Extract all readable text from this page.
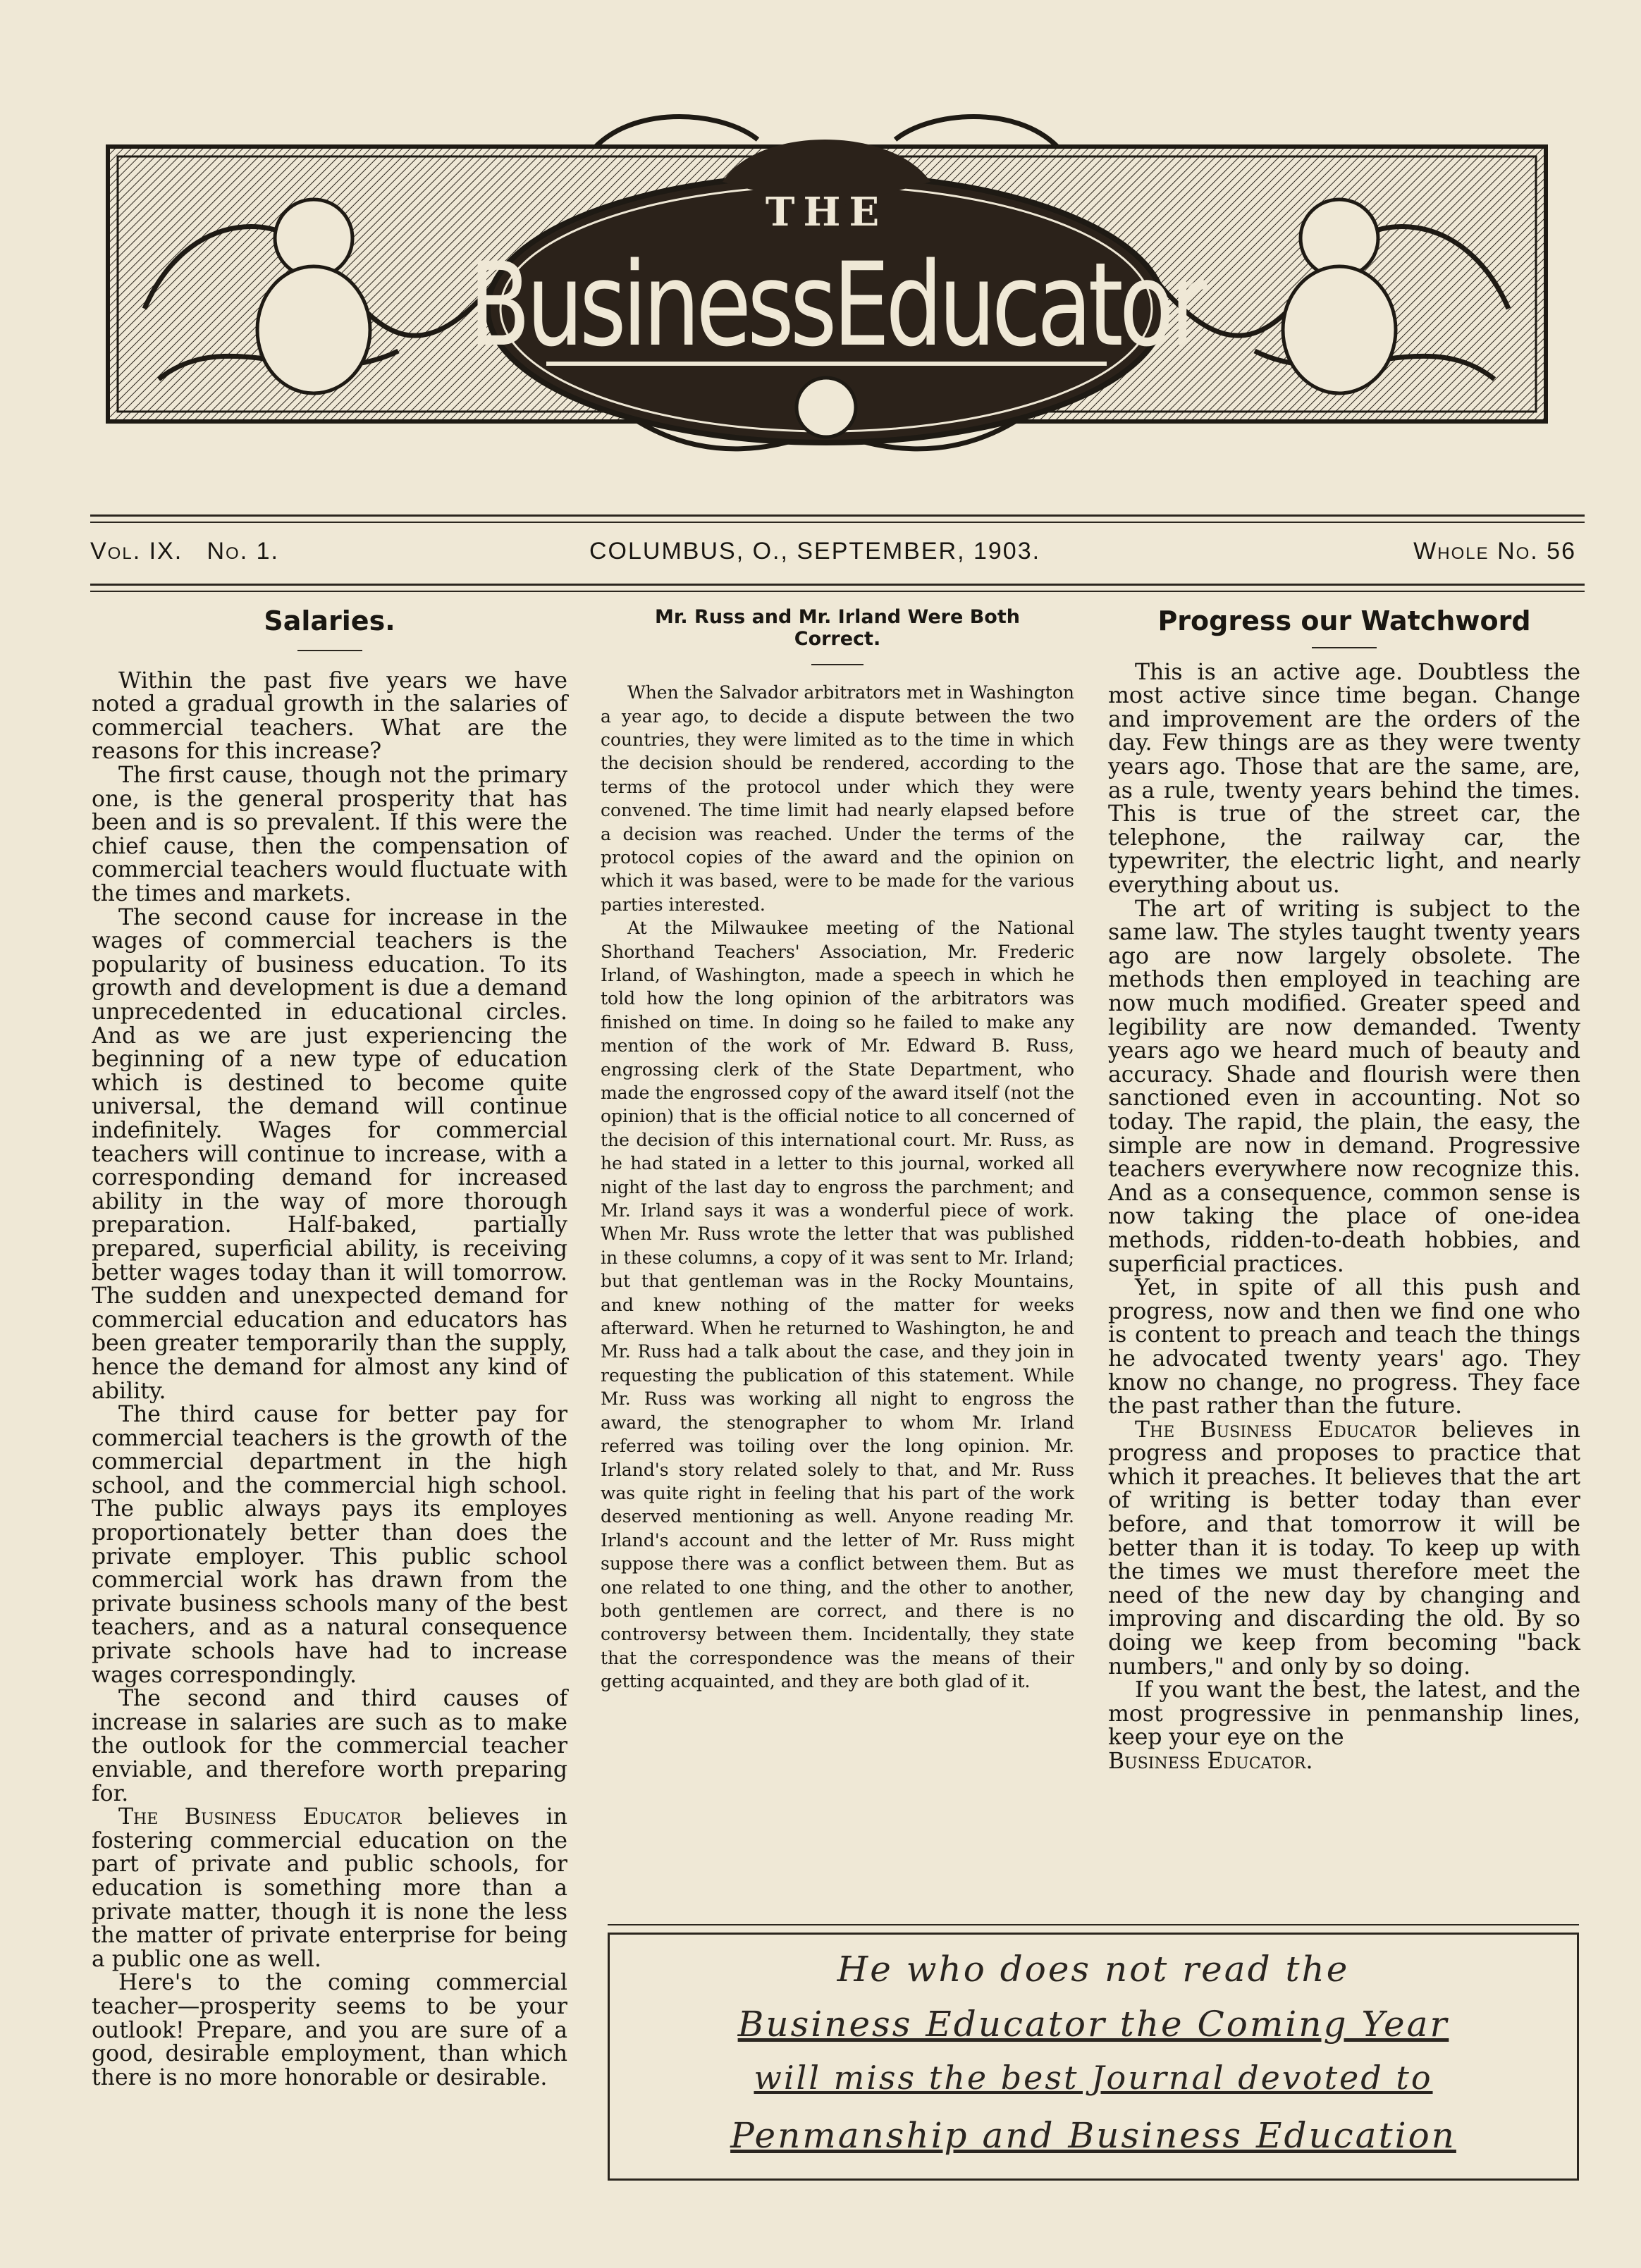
THE
BusinessEducator
Vol. IX. No. 1.	COLUMBUS, O., SEPTEMBER, 1903.	Whole No. 56
Salaries.

Within the past five years we have noted a gradual growth in the salaries of commercial teachers. What are the reasons for this increase?

The first cause, though not the primary one, is the general prosperity that has been and is so prevalent. If this were the chief cause, then the compensation of commercial teachers would fluctuate with the times and markets.

The second cause for increase in the wages of commercial teachers is the popularity of business education. To its growth and development is due a demand unprecedented in educational circles. And as we are just experiencing the beginning of a new type of education which is destined to become quite universal, the demand will continue indefinitely. Wages for commercial teachers will continue to increase, with a corresponding demand for increased ability in the way of more thorough preparation. Half-baked, partially prepared, superficial ability, is receiving better wages today than it will tomorrow. The sudden and unexpected demand for commercial education and educators has been greater temporarily than the supply, hence the demand for almost any kind of ability.

The third cause for better pay for commercial teachers is the growth of the commercial department in the high school, and the commercial high school. The public always pays its employes proportionately better than does the private employer. This public school commercial work has drawn from the private business schools many of the best teachers, and as a natural consequence private schools have had to increase wages correspondingly.

The second and third causes of increase in salaries are such as to make the outlook for the commercial teacher enviable, and therefore worth preparing for.

The Business Educator believes in fostering commercial education on the part of private and public schools, for education is something more than a private matter, though it is none the less the matter of private enterprise for being a public one as well.

Here's to the coming commercial teacher—prosperity seems to be your outlook! Prepare, and you are sure of a good, desirable employment, than which there is no more honorable or desirable.

Mr. Russ and Mr. Irland Were Both
Correct.

When the Salvador arbitrators met in Washington a year ago, to decide a dispute between the two countries, they were limited as to the time in which the decision should be rendered, according to the terms of the protocol under which they were convened. The time limit had nearly elapsed before a decision was reached. Under the terms of the protocol copies of the award and the opinion on which it was based, were to be made for the various parties interested.

At the Milwaukee meeting of the National Shorthand Teachers' Association, Mr. Frederic Irland, of Washington, made a speech in which he told how the long opinion of the arbitrators was finished on time. In doing so he failed to make any mention of the work of Mr. Edward B. Russ, engrossing clerk of the State Department, who made the engrossed copy of the award itself (not the opinion) that is the official notice to all concerned of the decision of this international court. Mr. Russ, as he had stated in a letter to this journal, worked all night of the last day to engross the parchment; and Mr. Irland says it was a wonderful piece of work. When Mr. Russ wrote the letter that was published in these columns, a copy of it was sent to Mr. Irland; but that gentleman was in the Rocky Mountains, and knew nothing of the matter for weeks afterward. When he returned to Washington, he and Mr. Russ had a talk about the case, and they join in requesting the publication of this statement. While Mr. Russ was working all night to engross the award, the stenographer to whom Mr. Irland referred was toiling over the long opinion. Mr. Irland's story related solely to that, and Mr. Russ was quite right in feeling that his part of the work deserved mentioning as well. Anyone reading Mr. Irland's account and the letter of Mr. Russ might suppose there was a conflict between them. But as one related to one thing, and the other to another, both gentlemen are correct, and there is no controversy between them. Incidentally, they state that the correspondence was the means of their getting acquainted, and they are both glad of it.

Progress our Watchword

This is an active age. Doubtless the most active since time began. Change and improvement are the orders of the day. Few things are as they were twenty years ago. Those that are the same, are, as a rule, twenty years behind the times. This is true of the street car, the telephone, the railway car, the typewriter, the electric light, and nearly everything about us.

The art of writing is subject to the same law. The styles taught twenty years ago are now largely obsolete. The methods then employed in teaching are now much modified. Greater speed and legibility are now demanded. Twenty years ago we heard much of beauty and accuracy. Shade and flourish were then sanctioned even in accounting. Not so today. The rapid, the plain, the easy, the simple are now in demand. Progressive teachers everywhere now recognize this. And as a consequence, common sense is now taking the place of one-idea methods, ridden-to-death hobbies, and superficial practices.

Yet, in spite of all this push and progress, now and then we find one who is content to preach and teach the things he advocated twenty years' ago. They know no change, no progress. They face the past rather than the future.

The Business Educator believes in progress and proposes to practice that which it preaches. It believes that the art of writing is better today than ever before, and that tomorrow it will be better than it is today. To keep up with the times we must therefore meet the need of the new day by changing and improving and discarding the old. By so doing we keep from becoming "back numbers," and only by so doing.

If you want the best, the latest, and the most progressive in penmanship lines, keep your eye on the
Business Educator.

He who does not read the
Business Educator the Coming Year
will miss the best Journal devoted to
Penmanship and Business Education
